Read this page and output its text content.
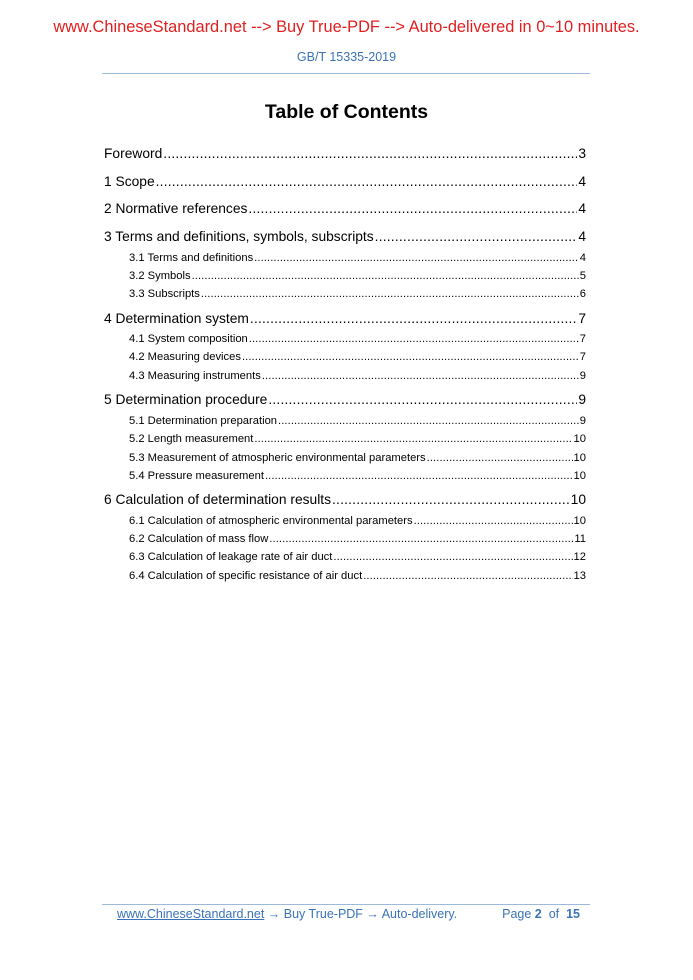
www.ChineseStandard.net --> Buy True-PDF --> Auto-delivered in 0~10 minutes.
GB/T 15335-2019
Table of Contents
Foreword .....	3
1 Scope .....	4
2 Normative references .....	4
3 Terms and definitions, symbols, subscripts .....	4
3.1 Terms and definitions .....	4
3.2 Symbols .....	5
3.3 Subscripts .....	6
4 Determination system .....	7
4.1 System composition .....	7
4.2 Measuring devices .....	7
4.3 Measuring instruments .....	9
5 Determination procedure .....	9
5.1 Determination preparation .....	9
5.2 Length measurement .....	10
5.3 Measurement of atmospheric environmental parameters .....	10
5.4 Pressure measurement .....	10
6 Calculation of determination results .....	10
6.1 Calculation of atmospheric environmental parameters .....	10
6.2 Calculation of mass flow .....	11
6.3 Calculation of leakage rate of air duct .....	12
6.4 Calculation of specific resistance of air duct .....	13
www.ChineseStandard.net → Buy True-PDF → Auto-delivery.	Page 2 of 15
